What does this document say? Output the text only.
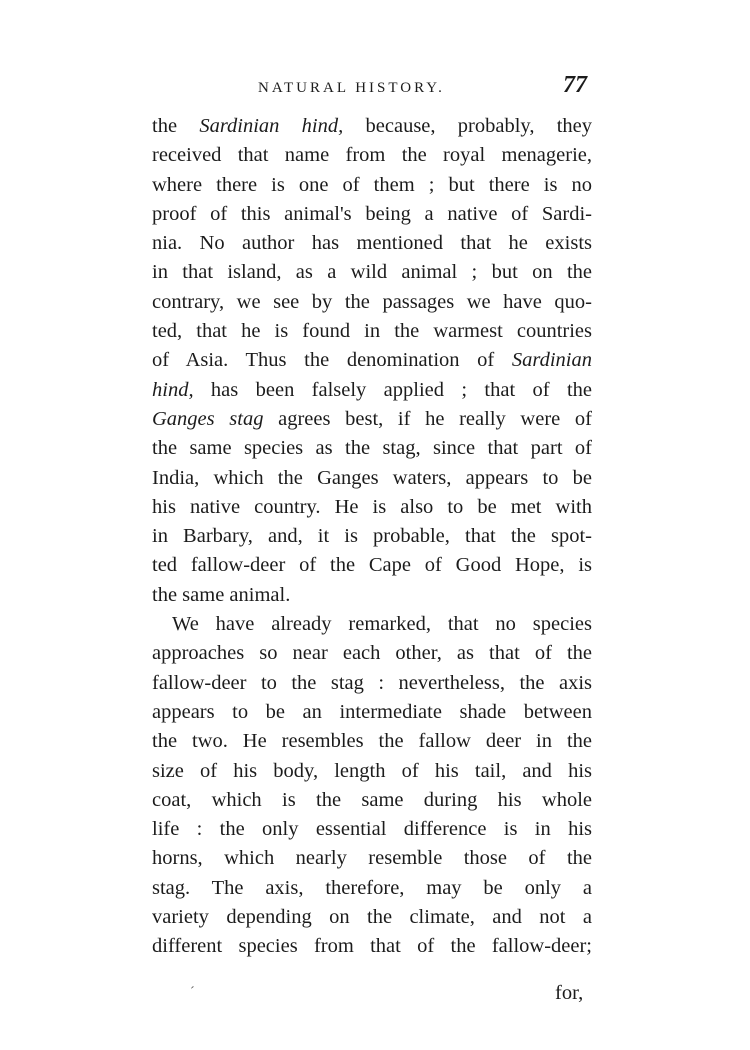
NATURAL HISTORY.	77
the Sardinian hind, because, probably, they
received that name from the royal menagerie,
where there is one of them ; but there is no
proof of this animal's being a native of Sardi-
nia. No author has mentioned that he exists
in that island, as a wild animal ; but on the
contrary, we see by the passages we have quo-
ted, that he is found in the warmest countries
of Asia. Thus the denomination of Sardinian
hind, has been falsely applied ; that of the
Ganges stag agrees best, if he really were of
the same species as the stag, since that part of
India, which the Ganges waters, appears to be
his native country. He is also to be met with
in Barbary, and, it is probable, that the spot-
ted fallow-deer of the Cape of Good Hope, is
the same animal.
We have already remarked, that no species
approaches so near each other, as that of the
fallow-deer to the stag : nevertheless, the axis
appears to be an intermediate shade between
the two. He resembles the fallow deer in the
size of his body, length of his tail, and his
coat, which is the same during his whole
life : the only essential difference is in his
horns, which nearly resemble those of the
stag. The axis, therefore, may be only a
variety depending on the climate, and not a
different species from that of the fallow-deer;
´	for,
